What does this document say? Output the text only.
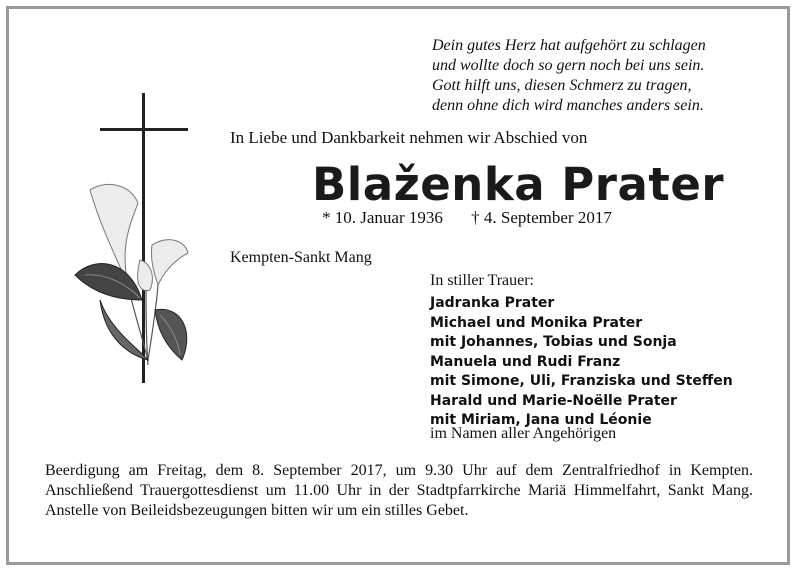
Dein gutes Herz hat aufgehört zu schlagen
und wollte doch so gern noch bei uns sein.
Gott hilft uns, diesen Schmerz zu tragen,
denn ohne dich wird manches anders sein.
In Liebe und Dankbarkeit nehmen wir Abschied von
Blaženka Prater
* 10. Januar 1936 † 4. September 2017
Kempten-Sankt Mang
In stiller Trauer:
Jadranka Prater
Michael und Monika Prater
mit Johannes, Tobias und Sonja
Manuela und Rudi Franz
mit Simone, Uli, Franziska und Steffen
Harald und Marie-Noëlle Prater
mit Miriam, Jana und Léonie
im Namen aller Angehörigen
Beerdigung am Freitag, dem 8. September 2017, um 9.30 Uhr auf dem Zentralfriedhof in Kempten. Anschließend Trauergottesdienst um 11.00 Uhr in der Stadtpfarrkirche Mariä Himmelfahrt, Sankt Mang. Anstelle von Beileidsbezeugungen bitten wir um ein stilles Gebet.
